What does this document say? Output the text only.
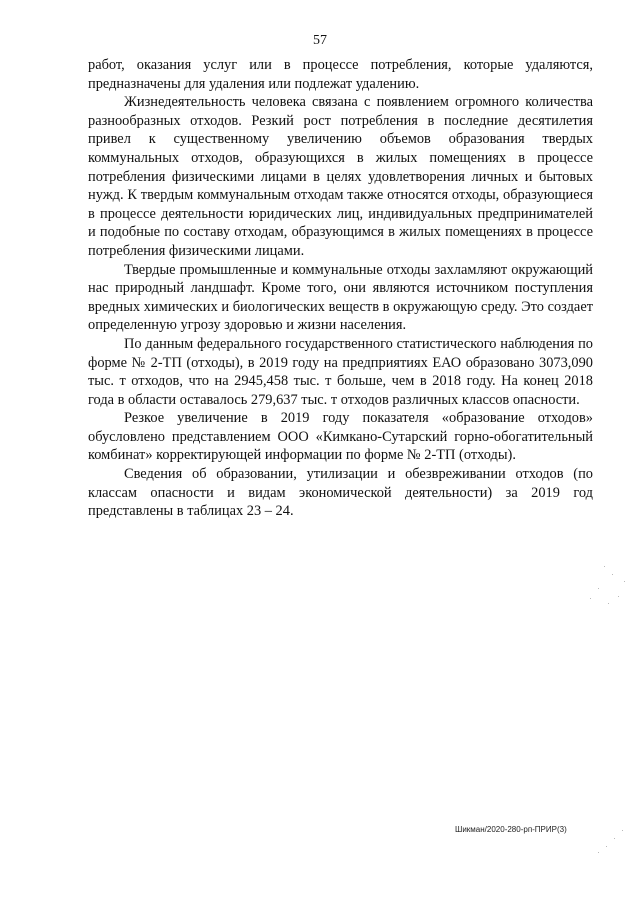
57

работ, оказания услуг или в процессе потребления, которые удаляются, предназначены для удаления или подлежат удалению.

Жизнедеятельность человека связана с появлением огромного количества разнообразных отходов. Резкий рост потребления в последние десятилетия привел к существенному увеличению объемов образования твердых коммунальных отходов, образующихся в жилых помещениях в процессе потребления физическими лицами в целях удовлетворения личных и бытовых нужд. К твердым коммунальным отходам также относятся отходы, образующиеся в процессе деятельности юридических лиц, индивидуальных предпринимателей и подобные по составу отходам, образующимся в жилых помещениях в процессе потребления физическими лицами.

Твердые промышленные и коммунальные отходы захламляют окружающий нас природный ландшафт. Кроме того, они являются источником поступления вредных химических и биологических веществ в окружающую среду. Это создает определенную угрозу здоровью и жизни населения.

По данным федерального государственного статистического наблюдения по форме № 2-ТП (отходы), в 2019 году на предприятиях ЕАО образовано 3073,090 тыс. т отходов, что на 2945,458 тыс. т больше, чем в 2018 году. На конец 2018 года в области оставалось 279,637 тыс. т отходов различных классов опасности.

Резкое увеличение в 2019 году показателя «образование отходов» обусловлено представлением ООО «Кимкано-Сутарский горно-обогатительный комбинат» корректирующей информации по форме № 2-ТП (отходы).

Сведения об образовании, утилизации и обезвреживании отходов (по классам опасности и видам экономической деятельности) за 2019 год представлены в таблицах 23 – 24.

Шикман/2020-280-рп-ПРИР(3)
